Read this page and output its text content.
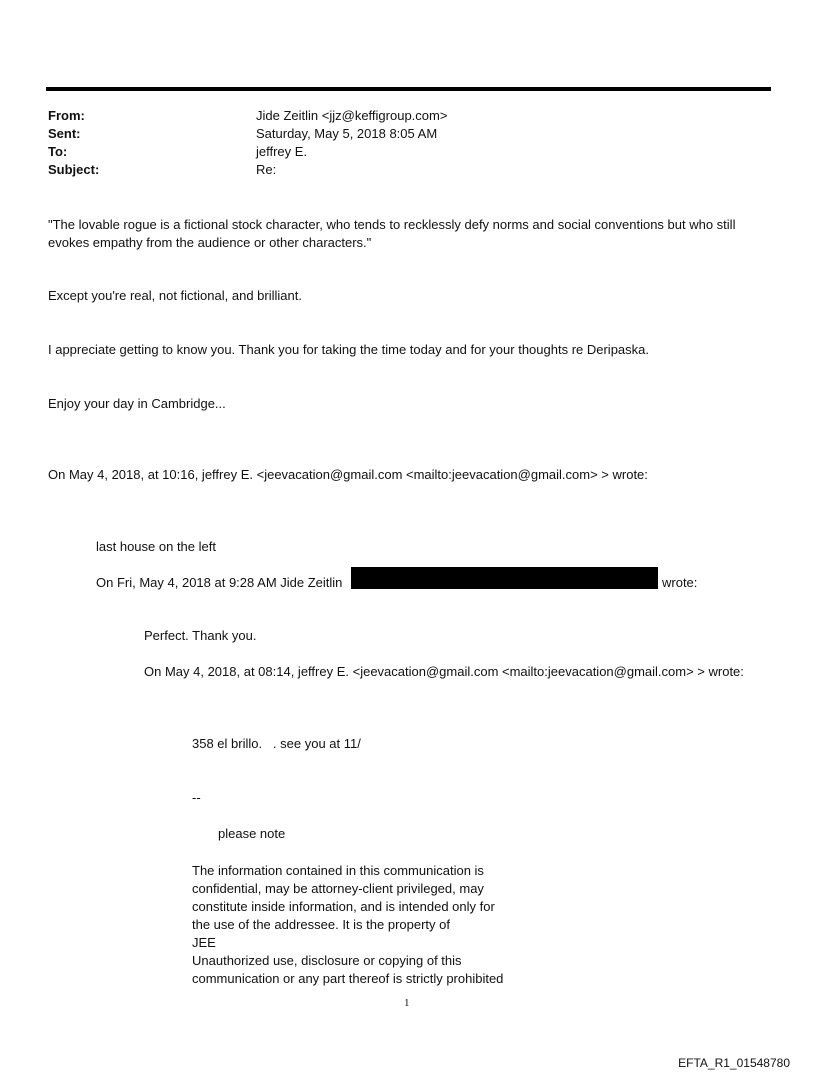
From:	Jide Zeitlin <jjz@keffigroup.com>
Sent:	Saturday, May 5, 2018 8:05 AM
To:	jeffrey E.
Subject:	Re:
"The lovable rogue is a fictional stock character, who tends to recklessly defy norms and social conventions but who still evokes empathy from the audience or other characters."
Except you're real, not fictional, and brilliant.
I appreciate getting to know you. Thank you for taking the time today and for your thoughts re Deripaska.
Enjoy your day in Cambridge...
On May 4, 2018, at 10:16, jeffrey E. <jeevacation@gmail.com <mailto:jeevacation@gmail.com> > wrote:
last house on the left
On Fri, May 4, 2018 at 9:28 AM Jide Zeitlin	wrote:
Perfect. Thank you.
On May 4, 2018, at 08:14, jeffrey E. <jeevacation@gmail.com <mailto:jeevacation@gmail.com> > wrote:
358 el brillo.   . see you at 11/
--
please note
The information contained in this communication is
confidential, may be attorney-client privileged, may
constitute inside information, and is intended only for
the use of the addressee. It is the property of
JEE
Unauthorized use, disclosure or copying of this
communication or any part thereof is strictly prohibited
1
EFTA_R1_01548780
